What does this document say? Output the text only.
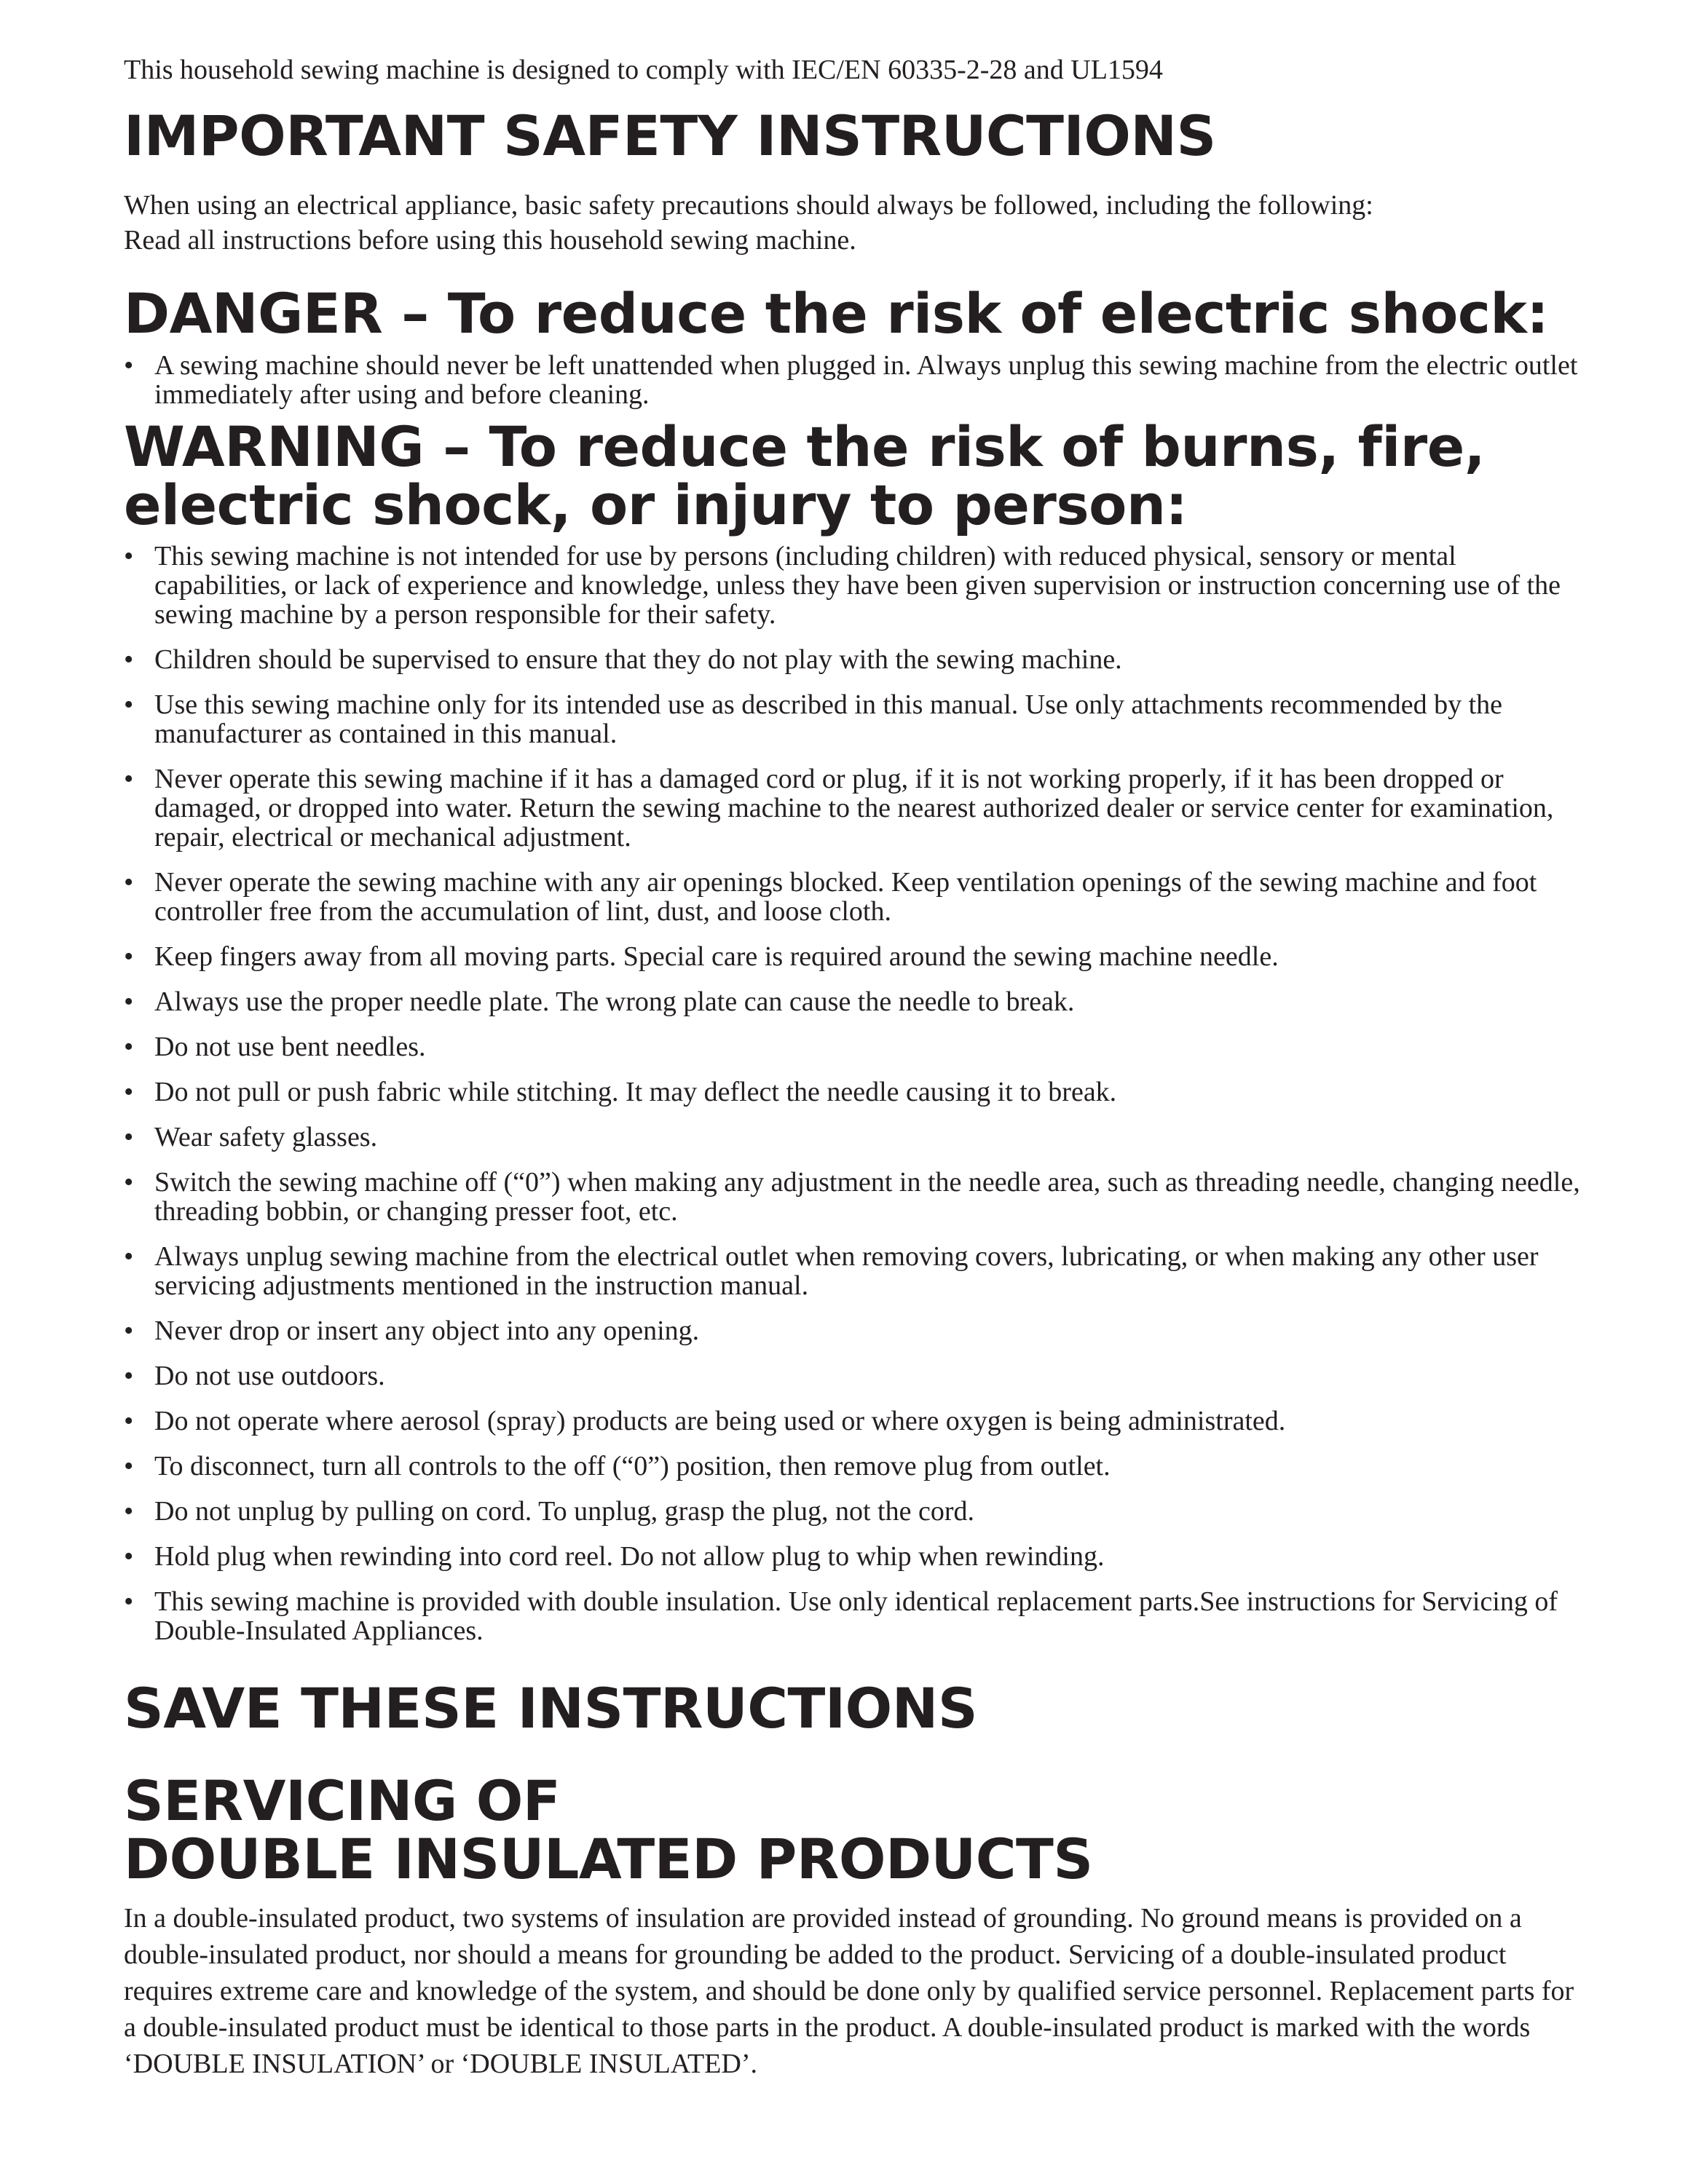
This household sewing machine is designed to comply with IEC/EN 60335-2-28 and UL1594

IMPORTANT SAFETY INSTRUCTIONS

When using an electrical appliance, basic safety precautions should always be followed, including the following:

Read all instructions before using this household sewing machine.

DANGER – To reduce the risk of electric shock:
• A sewing machine should never be left unattended when plugged in. Always unplug this sewing machine from the electric outlet immediately after using and before cleaning.
WARNING – To reduce the risk of burns, fire,
electric shock, or injury to person:
• This sewing machine is not intended for use by persons (including children) with reduced physical, sensory or mental capabilities, or lack of experience and knowledge, unless they have been given supervision or instruction concerning use of the sewing machine by a person responsible for their safety.
• Children should be supervised to ensure that they do not play with the sewing machine.
• Use this sewing machine only for its intended use as described in this manual. Use only attachments recommended by the manufacturer as contained in this manual.
• Never operate this sewing machine if it has a damaged cord or plug, if it is not working properly, if it has been dropped or damaged, or dropped into water. Return the sewing machine to the nearest authorized dealer or service center for examination, repair, electrical or mechanical adjustment.
• Never operate the sewing machine with any air openings blocked. Keep ventilation openings of the sewing machine and foot controller free from the accumulation of lint, dust, and loose cloth.
• Keep fingers away from all moving parts. Special care is required around the sewing machine needle.
• Always use the proper needle plate. The wrong plate can cause the needle to break.
• Do not use bent needles.
• Do not pull or push fabric while stitching. It may deflect the needle causing it to break.
• Wear safety glasses.
• Switch the sewing machine off (“0”) when making any adjustment in the needle area, such as threading needle, changing needle, threading bobbin, or changing presser foot, etc.
• Always unplug sewing machine from the electrical outlet when removing covers, lubricating, or when making any other user servicing adjustments mentioned in the instruction manual.
• Never drop or insert any object into any opening.
• Do not use outdoors.
• Do not operate where aerosol (spray) products are being used or where oxygen is being administrated.
• To disconnect, turn all controls to the off (“0”) position, then remove plug from outlet.
• Do not unplug by pulling on cord. To unplug, grasp the plug, not the cord.
• Hold plug when rewinding into cord reel. Do not allow plug to whip when rewinding.
• This sewing machine is provided with double insulation. Use only identical replacement parts.See instructions for Servicing of Double-Insulated Appliances.
SAVE THESE INSTRUCTIONS
SERVICING OF
DOUBLE INSULATED PRODUCTS

In a double-insulated product, two systems of insulation are provided instead of grounding. No ground means is provided on a double-insulated product, nor should a means for grounding be added to the product. Servicing of a double-insulated product requires extreme care and knowledge of the system, and should be done only by qualified service personnel. Replacement parts for a double-insulated product must be identical to those parts in the product. A double-insulated product is marked with the words ‘DOUBLE INSULATION’ or ‘DOUBLE INSULATED’.
